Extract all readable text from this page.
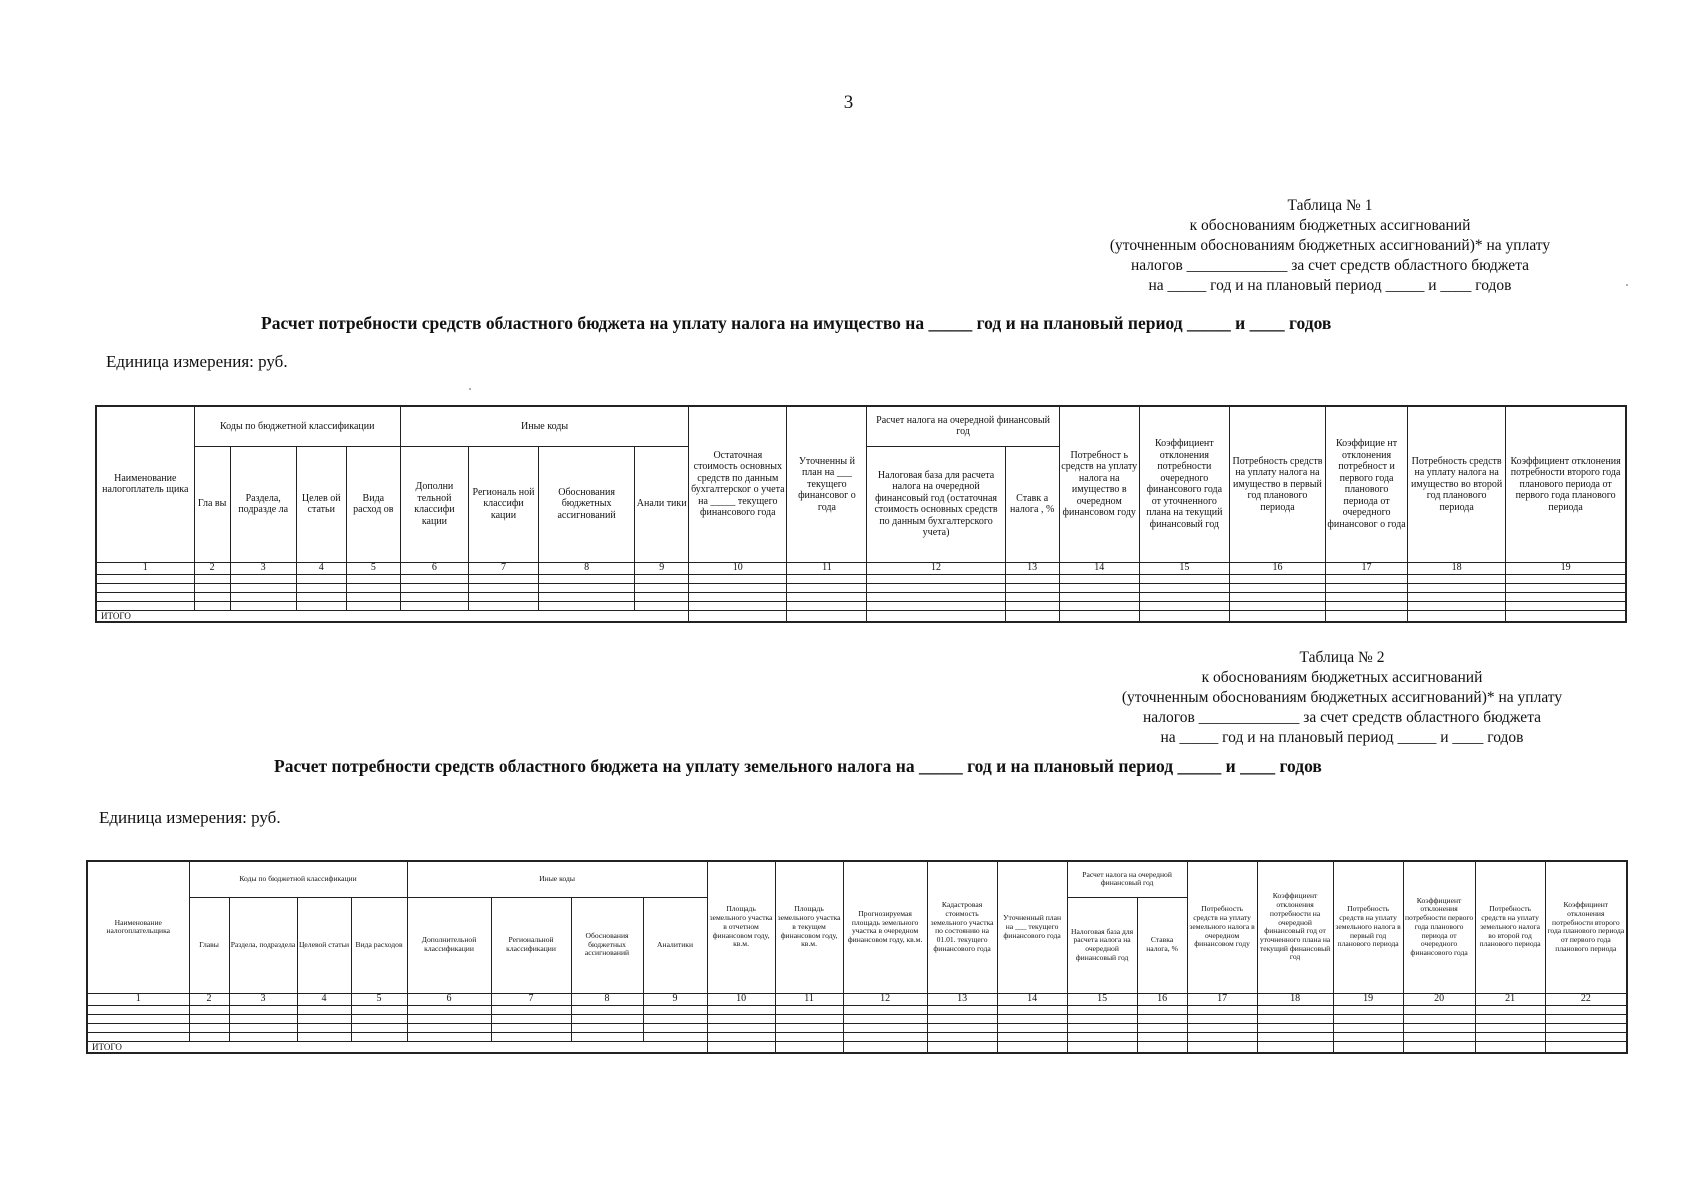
3
Таблица № 1
к обоснованиям бюджетных ассигнований
(уточненным обоснованиям бюджетных ассигнований)* на уплату
налогов _____________ за счет средств областного бюджета
на _____ год и на плановый период _____ и ____ годов
Расчет потребности средств областного бюджета на уплату налога на имущество на _____ год и на плановый период _____ и ____ годов
Единица измерения: руб.
Наименование налогоплатель щика	Коды по бюджетной классификации				Иные коды				Остаточная стоимость основных средств по данным бухгалтерског о учета на _____ текущего финансового года	Уточненны й план на ___ текущего финансовог о года	Расчет налога на очередной финансовый год		Потребност ь средств на уплату налога на имущество в очередном финансовом году	Коэффициент отклонения потребности очередного финансового года от уточненного плана на текущий финансовый год	Потребность средств на уплату налога на имущество в первый год планового периода	Коэффицие нт отклонения потребност и первого года планового периода от очередного финансовог о года	Потребность средств на уплату налога на имущество во второй год планового периода	Коэффициент отклонения потребности второго года планового периода от первого года планового периода
	Гла вы	Раздела, подразде ла	Целев ой статьи	Вида расход ов	Дополни тельной классифи кации	Региональ ной классифи кации	Обоснования бюджетных ассигнований	Анали тики			Налоговая база для расчета налога на очередной финансовый год (остаточная стоимость основных средств по данным бухгалтерского учета)	Ставк а налога , %						
1	2	3	4	5	6	7	8	9	10	11	12	13	14	15	16	17	18	19

ИТОГО																		
Таблица № 2
к обоснованиям бюджетных ассигнований
(уточненным обоснованиям бюджетных ассигнований)* на уплату
налогов _____________ за счет средств областного бюджета
на _____ год и на плановый период _____ и ____ годов
Расчет потребности средств областного бюджета на уплату земельного налога на _____ год и на плановый период _____ и ____ годов
Единица измерения: руб.
Наименование налогоплательщика	Коды по бюджетной классификации				Иные коды				Площадь земельного участка в отчетном финансовом году, кв.м.	Площадь земельного участка в текущем финансовом году, кв.м.	Прогнозируемая площадь земельного участка в очередном финансовом году, кв.м.	Кадастровая стоимость земельного участка по состоянию на 01.01. текущего финансового года	Уточненный план на ___ текущего финансового года	Расчет налога на очередной финансовый год		Потребность средств на уплату земельного налога в очередном финансовом году	Коэффициент отклонения потребности на очередной финансовый год от уточненного плана на текущий финансовый год	Потребность средств на уплату земельного налога в первый год планового периода	Коэффициент отклонения потребности первого года планового периода от очередного финансового года	Потребность средств на уплату земельного налога во второй год планового периода	Коэффициент отклонения потребности второго года планового периода от первого года планового периода
	Главы	Раздела, подраздела	Целевой статьи	Вида расходов	Дополнительной классификации	Региональной классификации	Обоснования бюджетных ассигнований	Аналитики						Налоговая база для расчета налога на очередной финансовый год	Ставка налога, %						
1	2	3	4	5	6	7	8	9	10	11	12	13	14	15	16	17	18	19	20	21	22

ИТОГО																					
